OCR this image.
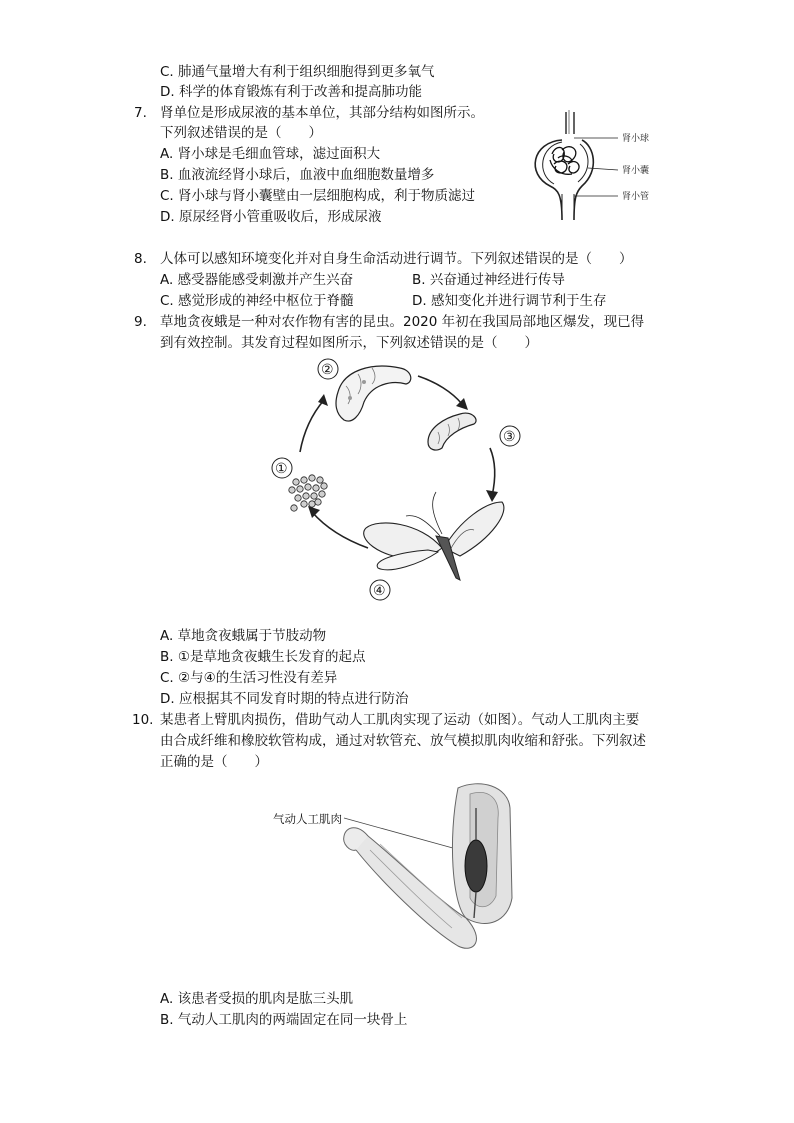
C. 肺通气量增大有利于组织细胞得到更多氧气
D. 科学的体育锻炼有利于改善和提高肺功能
7. 肾单位是形成尿液的基本单位，其部分结构如图所示。
下列叙述错误的是（　　）
A. 肾小球是毛细血管球，滤过面积大
B. 血液流经肾小球后，血液中血细胞数量增多
C. 肾小球与肾小囊壁由一层细胞构成，利于物质滤过
D. 原尿经肾小管重吸收后，形成尿液
肾小球
肾小囊
肾小管
8. 人体可以感知环境变化并对自身生命活动进行调节。下列叙述错误的是（　　）
A. 感受器能感受刺激并产生兴奋	B. 兴奋通过神经进行传导
C. 感觉形成的神经中枢位于脊髓	D. 感知变化并进行调节利于生存
9. 草地贪夜蛾是一种对农作物有害的昆虫。2020 年初在我国局部地区爆发，现已得
到有效控制。其发育过程如图所示，下列叙述错误的是（　　）
②
③
①
④
A. 草地贪夜蛾属于节肢动物
B. ①是草地贪夜蛾生长发育的起点
C. ②与④的生活习性没有差异
D. 应根据其不同发育时期的特点进行防治
10. 某患者上臂肌肉损伤，借助气动人工肌肉实现了运动（如图）。气动人工肌肉主要
由合成纤维和橡胶软管构成，通过对软管充、放气模拟肌肉收缩和舒张。下列叙述
正确的是（　　）
气动人工肌肉
A. 该患者受损的肌肉是肱三头肌
B. 气动人工肌肉的两端固定在同一块骨上
